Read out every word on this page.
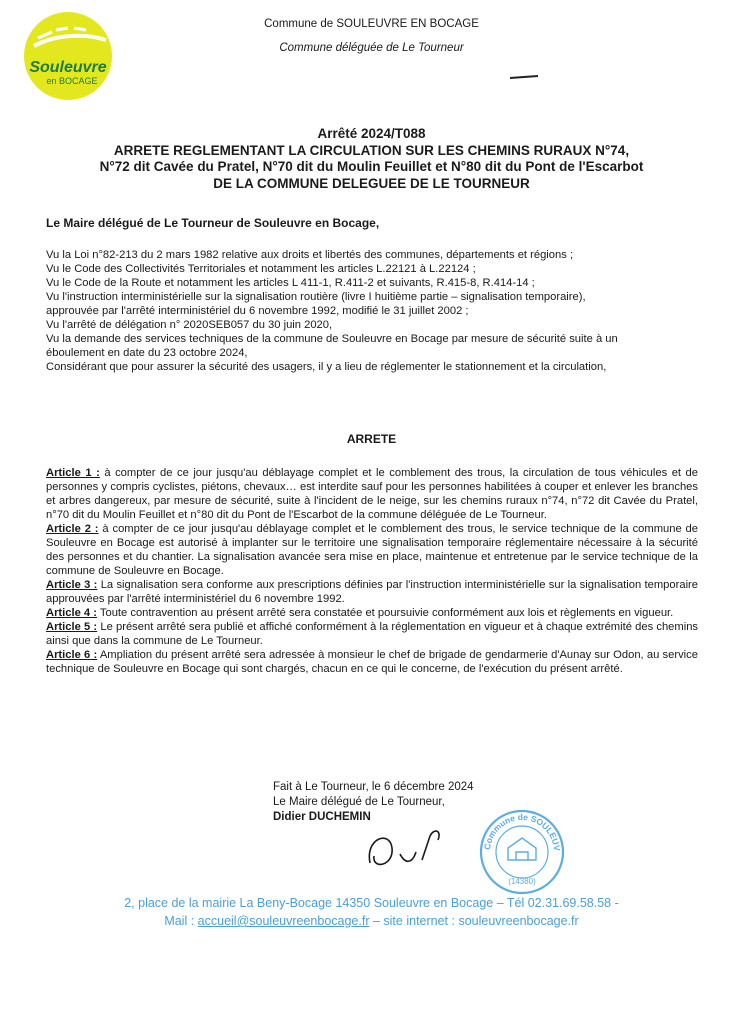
Souleuvre
en BOCAGE
Commune de SOULEUVRE EN BOCAGE
Commune déléguée de Le Tourneur
Arrêté 2024/T088
ARRETE REGLEMENTANT LA CIRCULATION SUR LES CHEMINS RURAUX N°74,
N°72 dit Cavée du Pratel, N°70 dit du Moulin Feuillet et N°80 dit du Pont de l'Escarbot
DE LA COMMUNE DELEGUEE DE LE TOURNEUR
Le Maire délégué de Le Tourneur de Souleuvre en Bocage,
Vu la Loi n°82-213 du 2 mars 1982 relative aux droits et libertés des communes, départements et régions ;
Vu le Code des Collectivités Territoriales et notamment les articles L.22121 à L.22124 ;
Vu le Code de la Route et notamment les articles L 411-1, R.411-2 et suivants, R.415-8, R.414-14 ;
Vu l'instruction interministérielle sur la signalisation routière (livre I huitième partie – signalisation temporaire),
approuvée par l'arrêté interministériel du 6 novembre 1992, modifié le 31 juillet 2002 ;
Vu l'arrêté de délégation n° 2020SEB057 du 30 juin 2020,
Vu la demande des services techniques de la commune de Souleuvre en Bocage par mesure de sécurité suite à un
éboulement en date du 23 octobre 2024,
Considérant que pour assurer la sécurité des usagers, il y a lieu de réglementer le stationnement et la circulation,
ARRETE

Article 1 : à compter de ce jour jusqu'au déblayage complet et le comblement des trous, la circulation de tous véhicules et de personnes y compris cyclistes, piétons, chevaux… est interdite sauf pour les personnes habilitées à couper et enlever les branches et arbres dangereux, par mesure de sécurité, suite à l'incident de le neige, sur les chemins ruraux n°74, n°72 dit Cavée du Pratel, n°70 dit du Moulin Feuillet et n°80 dit du Pont de l'Escarbot de la commune déléguée de Le Tourneur.

Article 2 : à compter de ce jour jusqu'au déblayage complet et le comblement des trous, le service technique de la commune de Souleuvre en Bocage est autorisé à implanter sur le territoire une signalisation temporaire réglementaire nécessaire à la sécurité des personnes et du chantier. La signalisation avancée sera mise en place, maintenue et entretenue par le service technique de la commune de Souleuvre en Bocage.

Article 3 : La signalisation sera conforme aux prescriptions définies par l'instruction interministérielle sur la signalisation temporaire approuvées par l'arrêté interministériel du 6 novembre 1992.

Article 4 : Toute contravention au présent arrêté sera constatée et poursuivie conformément aux lois et règlements en vigueur.

Article 5 : Le présent arrêté sera publié et affiché conformément à la réglementation en vigueur et à chaque extrémité des chemins ainsi que dans la commune de Le Tourneur.

Article 6 : Ampliation du présent arrêté sera adressée à monsieur le chef de brigade de gendarmerie d'Aunay sur Odon, au service technique de Souleuvre en Bocage qui sont chargés, chacun en ce qui le concerne, de l'exécution du présent arrêté.

Fait à Le Tourneur, le 6 décembre 2024
Le Maire délégué de Le Tourneur,
Didier DUCHEMIN
Commune de SOULEUV
(14380)
2, place de la mairie La Beny-Bocage 14350 Souleuvre en Bocage – Tél 02.31.69.58.58 -
Mail : accueil@souleuvreenbocage.fr – site internet : souleuvreenbocage.fr
